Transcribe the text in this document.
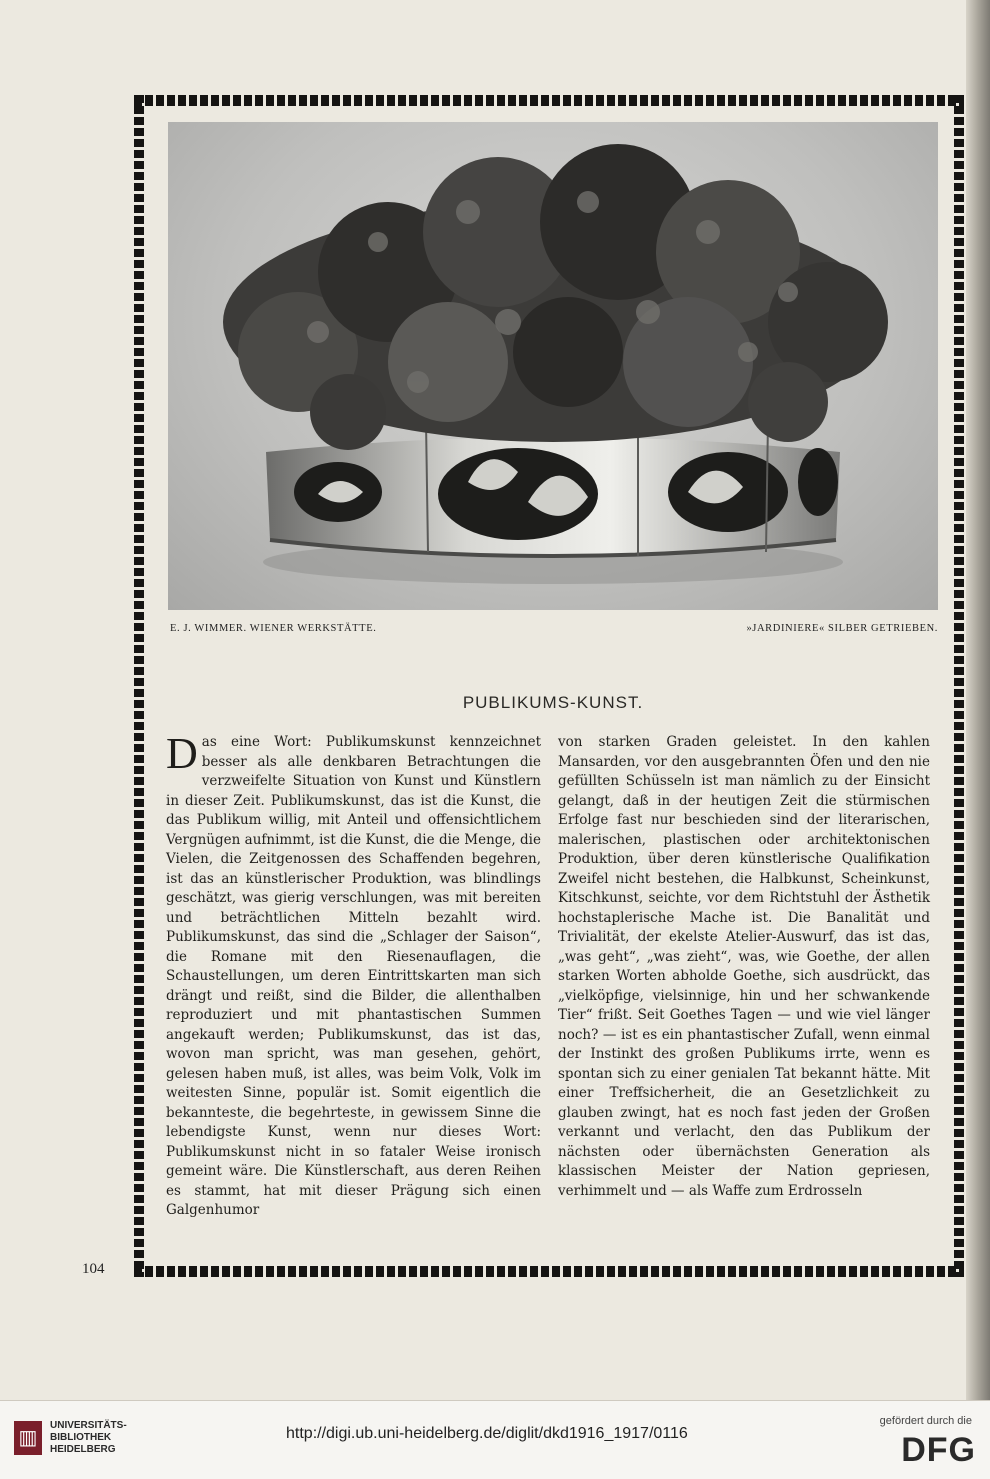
E. J. WIMMER. WIENER WERKSTÄTTE.	»JARDINIERE« SILBER GETRIEBEN.
PUBLIKUMS-KUNST.
Das eine Wort: Publikumskunst kennzeichnet besser als alle denkbaren Betrachtungen die verzweifelte Situation von Kunst und Künstlern in dieser Zeit. Publikumskunst, das ist die Kunst, die das Publikum willig, mit Anteil und offensichtlichem Vergnügen aufnimmt, ist die Kunst, die die Menge, die Vielen, die Zeitgenossen des Schaffenden begehren, ist das an künstlerischer Produktion, was blindlings geschätzt, was gierig verschlungen, was mit bereiten und beträchtlichen Mitteln bezahlt wird. Publikumskunst, das sind die „Schlager der Saison“, die Romane mit den Riesenauflagen, die Schaustellungen, um deren Eintrittskarten man sich drängt und reißt, sind die Bilder, die allenthalben reproduziert und mit phantastischen Summen angekauft werden; Publikumskunst, das ist das, wovon man spricht, was man gesehen, gehört, gelesen haben muß, ist alles, was beim Volk, Volk im weitesten Sinne, populär ist. Somit eigentlich die bekannteste, die begehrteste, in gewissem Sinne die lebendigste Kunst, wenn nur dieses Wort: Publikumskunst nicht in so fataler Weise ironisch gemeint wäre. Die Künstlerschaft, aus deren Reihen es stammt, hat mit dieser Prägung sich einen Galgenhumor
von starken Graden geleistet. In den kahlen Mansarden, vor den ausgebrannten Öfen und den nie gefüllten Schüsseln ist man nämlich zu der Einsicht gelangt, daß in der heutigen Zeit die stürmischen Erfolge fast nur beschieden sind der literarischen, malerischen, plastischen oder architektonischen Produktion, über deren künstlerische Qualifikation Zweifel nicht bestehen, die Halbkunst, Scheinkunst, Kitschkunst, seichte, vor dem Richtstuhl der Ästhetik hochstaplerische Mache ist. Die Banalität und Trivialität, der ekelste Atelier-Auswurf, das ist das, „was geht“, „was zieht“, was, wie Goethe, der allen starken Worten abholde Goethe, sich ausdrückt, das „vielköpfige, vielsinnige, hin und her schwankende Tier“ frißt. Seit Goethes Tagen — und wie viel länger noch? — ist es ein phantastischer Zufall, wenn einmal der Instinkt des großen Publikums irrte, wenn es spontan sich zu einer genialen Tat bekannt hätte. Mit einer Treffsicherheit, die an Gesetzlichkeit zu glauben zwingt, hat es noch fast jeden der Großen verkannt und verlacht, den das Publikum der nächsten oder übernächsten Generation als klassischen Meister der Nation gepriesen, verhimmelt und — als Waffe zum Erdrosseln
104
▥
UNIVERSITÄTS-
BIBLIOTHEK
HEIDELBERG
http://digi.ub.uni-heidelberg.de/diglit/dkd1916_1917/0116
gefördert durch die
DFG
